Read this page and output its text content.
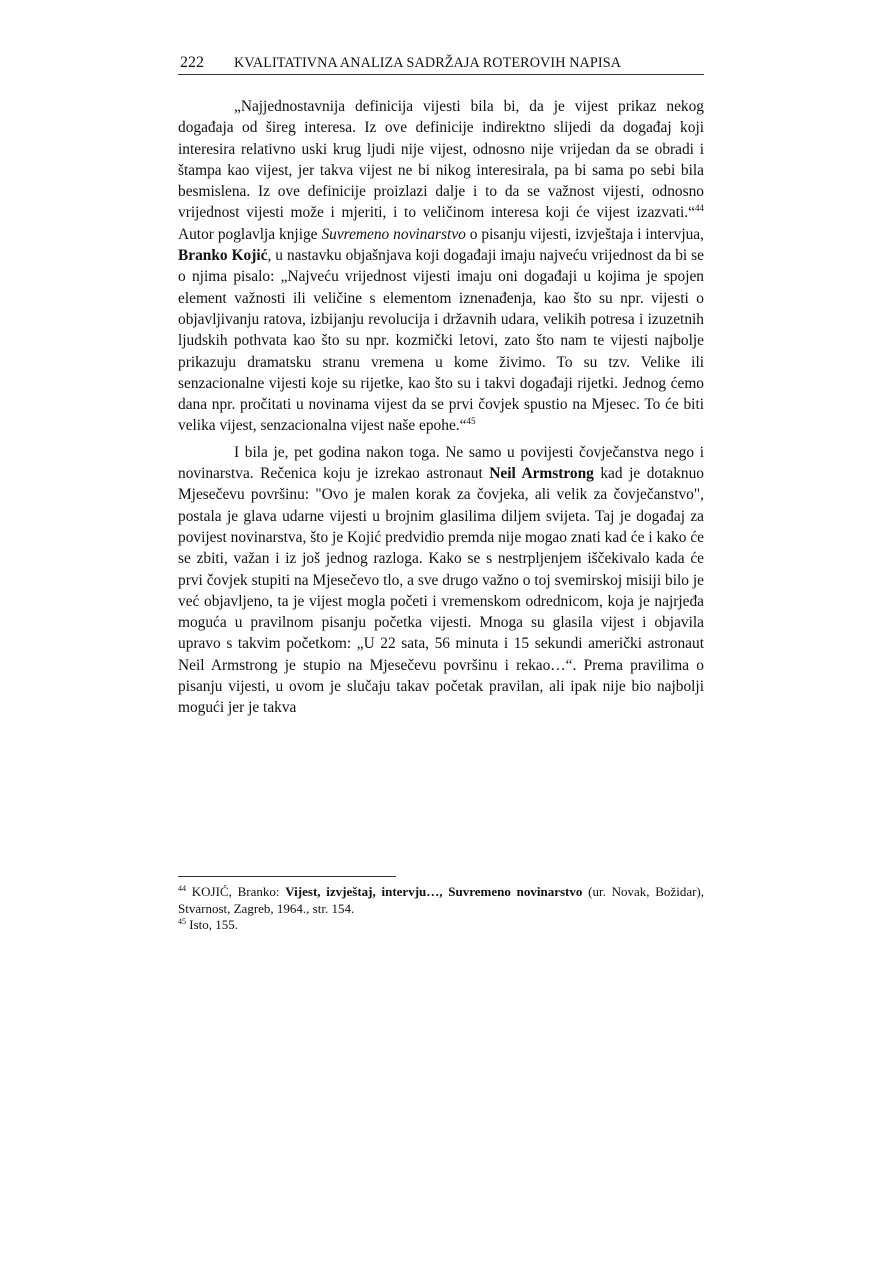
222 KVALITATIVNA ANALIZA SADRŽAJA ROTEROVIH NAPISA

„Najjednostavnija definicija vijesti bila bi, da je vijest prikaz nekog događaja od šireg interesa. Iz ove definicije indirektno slijedi da događaj koji interesira relativno uski krug ljudi nije vijest, odnosno nije vrijedan da se obradi i štampa kao vijest, jer takva vijest ne bi nikog interesirala, pa bi sama po sebi bila besmislena. Iz ove definicije proizlazi dalje i to da se važnost vijesti, odnosno vrijednost vijesti može i mjeriti, i to veličinom interesa koji će vijest izazvati.“$^{44}$ Autor poglavlja knjige Suvremeno novinarstvo o pisanju vijesti, izvještaja i intervjua, Branko Kojić, u nastavku objašnjava koji događaji imaju najveću vrijednost da bi se o njima pisalo: „Najveću vrijednost vijesti imaju oni događaji u kojima je spojen element važnosti ili veličine s elementom iznenađenja, kao što su npr. vijesti o objavljivanju ratova, izbijanju revolucija i državnih udara, velikih potresa i izuzetnih ljudskih pothvata kao što su npr. kozmički letovi, zato što nam te vijesti najbolje prikazuju dramatsku stranu vremena u kome živimo. To su tzv. Velike ili senzacionalne vijesti koje su rijetke, kao što su i takvi događaji rijetki. Jednog ćemo dana npr. pročitati u novinama vijest da se prvi čovjek spustio na Mjesec. To će biti velika vijest, senzacionalna vijest naše epohe.“$^{45}$

I bila je, pet godina nakon toga. Ne samo u povijesti čovječanstva nego i novinarstva. Rečenica koju je izrekao astronaut Neil Armstrong kad je dotaknuo Mjesečevu površinu: "Ovo je malen korak za čovjeka, ali velik za čovječanstvo", postala je glava udarne vijesti u brojnim glasilima diljem svijeta. Taj je događaj za povijest novinarstva, što je Kojić predvidio premda nije mogao znati kad će i kako će se zbiti, važan i iz još jednog razloga. Kako se s nestrpljenjem iščekivalo kada će prvi čovjek stupiti na Mjesečevo tlo, a sve drugo važno o toj svemirskoj misiji bilo je već objavljeno, ta je vijest mogla početi i vremenskom odrednicom, koja je najrjeđa moguća u pravilnom pisanju početka vijesti. Mnoga su glasila vijest i objavila upravo s takvim početkom: „U 22 sata, 56 minuta i 15 sekundi američki astronaut Neil Armstrong je stupio na Mjesečevu površinu i rekao…“. Prema pravilima o pisanju vijesti, u ovom je slučaju takav početak pravilan, ali ipak nije bio najbolji mogući jer je takva

$^{44}$ KOJIĆ, Branko: Vijest, izvještaj, intervju…, Suvremeno novinarstvo (ur. Novak, Božidar), Stvarnost, Zagreb, 1964., str. 154.

$^{45}$ Isto, 155.
